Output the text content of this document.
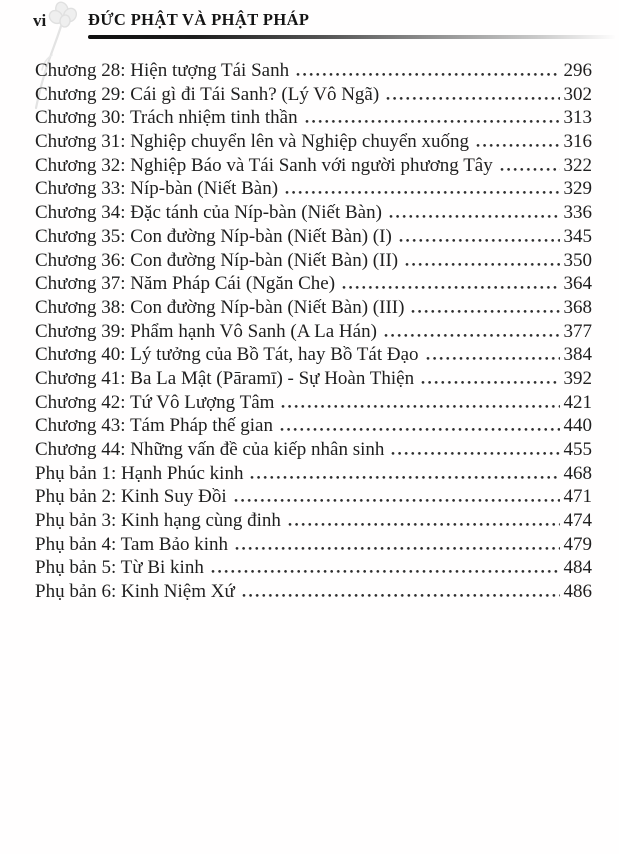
vi	ĐỨC PHẬT VÀ PHẬT PHÁP
Chương 28: Hiện tượng Tái Sanh	296
Chương 29: Cái gì đi Tái Sanh? (Lý Vô Ngã)	302
Chương 30: Trách nhiệm tinh thần	313
Chương 31: Nghiệp chuyển lên và Nghiệp chuyển xuống	316
Chương 32: Nghiệp Báo và Tái Sanh với người phương Tây	322
Chương 33: Níp-bàn (Niết Bàn)	329
Chương 34: Đặc tánh của Níp-bàn (Niết Bàn)	336
Chương 35: Con đường Níp-bàn (Niết Bàn) (I)	345
Chương 36: Con đường Níp-bàn (Niết Bàn) (II)	350
Chương 37: Năm Pháp Cái (Ngăn Che)	364
Chương 38: Con đường Níp-bàn (Niết Bàn) (III)	368
Chương 39: Phẩm hạnh Vô Sanh (A La Hán)	377
Chương 40: Lý tưởng của Bồ Tát, hay Bồ Tát Đạo	384
Chương 41: Ba La Mật (Pāramī) - Sự Hoàn Thiện	392
Chương 42: Tứ Vô Lượng Tâm	421
Chương 43: Tám Pháp thế gian	440
Chương 44: Những vấn đề của kiếp nhân sinh	455
Phụ bản 1: Hạnh Phúc kinh	468
Phụ bản 2: Kinh Suy Đồi	471
Phụ bản 3: Kinh hạng cùng đinh	474
Phụ bản 4: Tam Bảo kinh	479
Phụ bản 5: Từ Bi kinh	484
Phụ bản 6: Kinh Niệm Xứ	486
